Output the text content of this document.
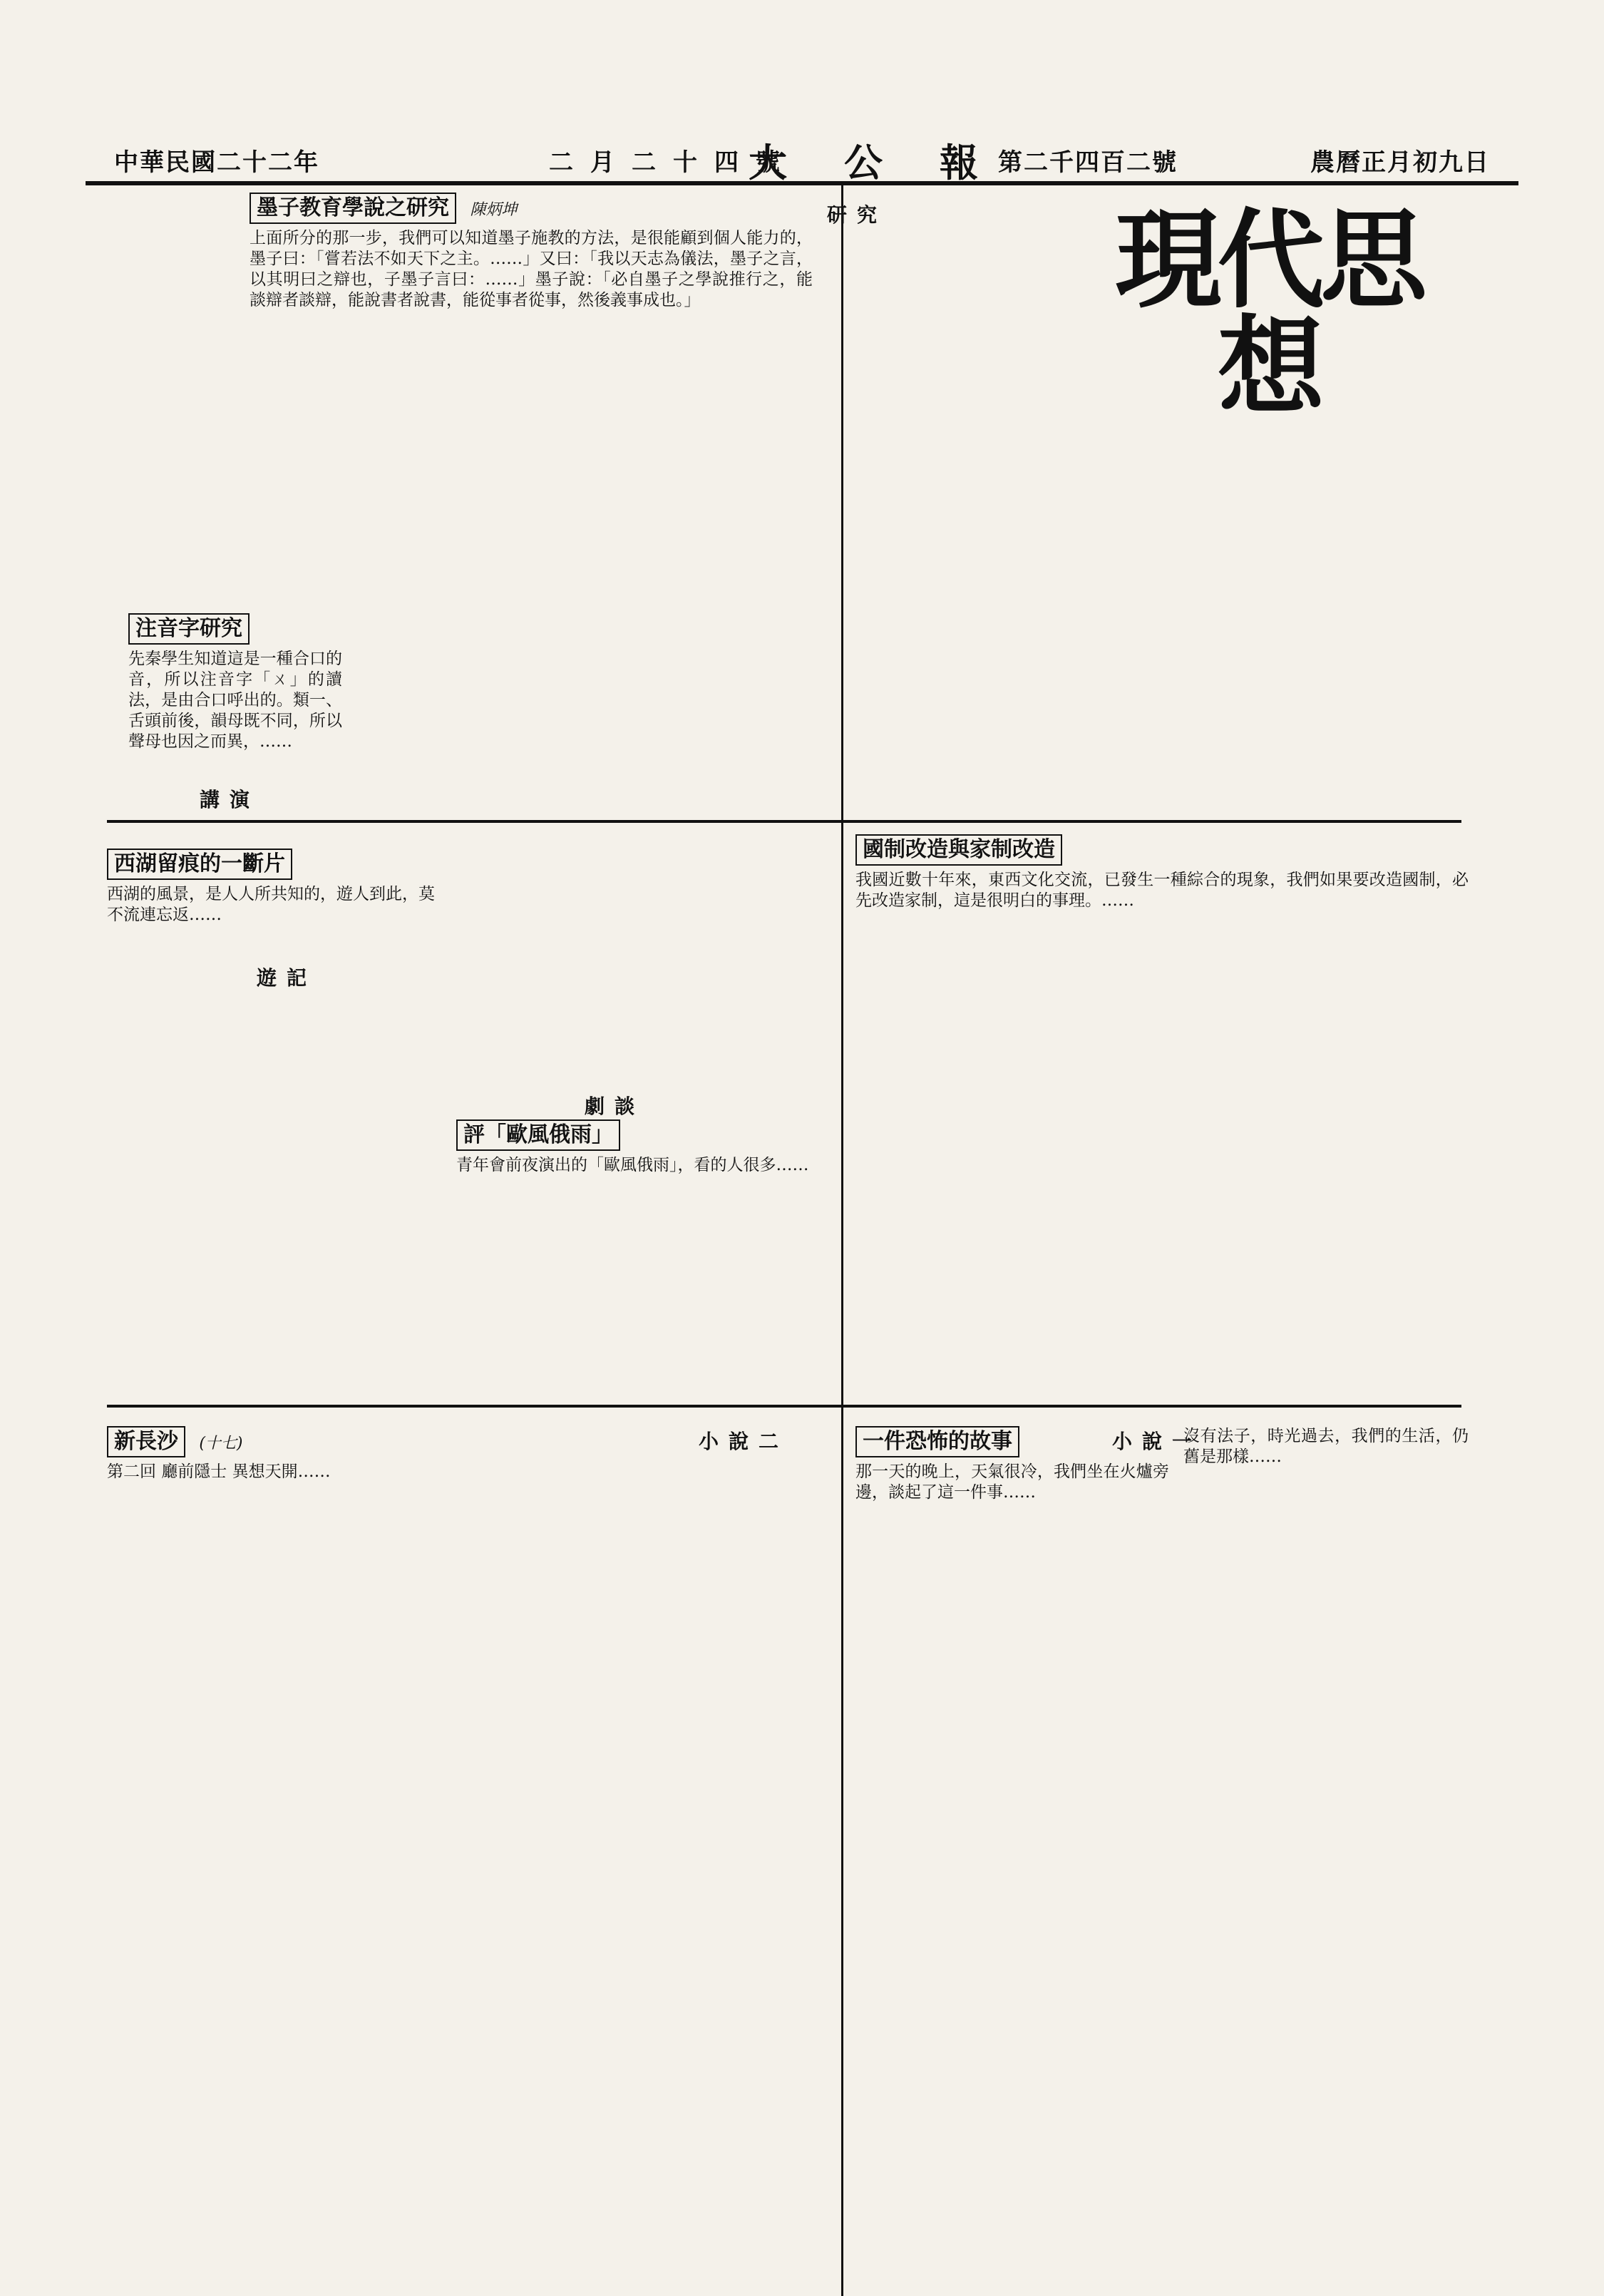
中華民國二十二年	二月二十四號
大公報
第二千四百二號	農曆正月初九日
現代思想
墨子教育學說之研究 陳炳坤

上面所分的那一步，我們可以知道墨子施教的方法，是很能顧到個人能力的，墨子曰：「嘗若法不如天下之主。……」又曰：「我以天志為儀法，墨子之言，以其明曰之辯也，子墨子言曰：……」墨子說：「必自墨子之學說推行之，能談辯者談辯，能說書者說書，能從事者從事，然後義事成也。」

研究
注音字研究

先秦學生知道這是一種合口的音，所以注音字「ㄨ」的讀法，是由合口呼出的。類一、舌頭前後，韻母既不同，所以聲母也因之而異，……

講演
國制改造與家制改造

我國近數十年來，東西文化交流，已發生一種綜合的現象，我們如果要改造國制，必先改造家制，這是很明白的事理。……

西湖留痕的一斷片

西湖的風景，是人人所共知的，遊人到此，莫不流連忘返……

遊記
評「歐風俄雨」

青年會前夜演出的「歐風俄雨」，看的人很多……

劇談
一件恐怖的故事

那一天的晚上，天氣很冷，我們坐在火爐旁邊，談起了這一件事……

小說一
新長沙 (十七)

第二回 廳前隱士 異想天開……

小說二	沒有法子，時光過去，我們的生活，仍舊是那樣……
